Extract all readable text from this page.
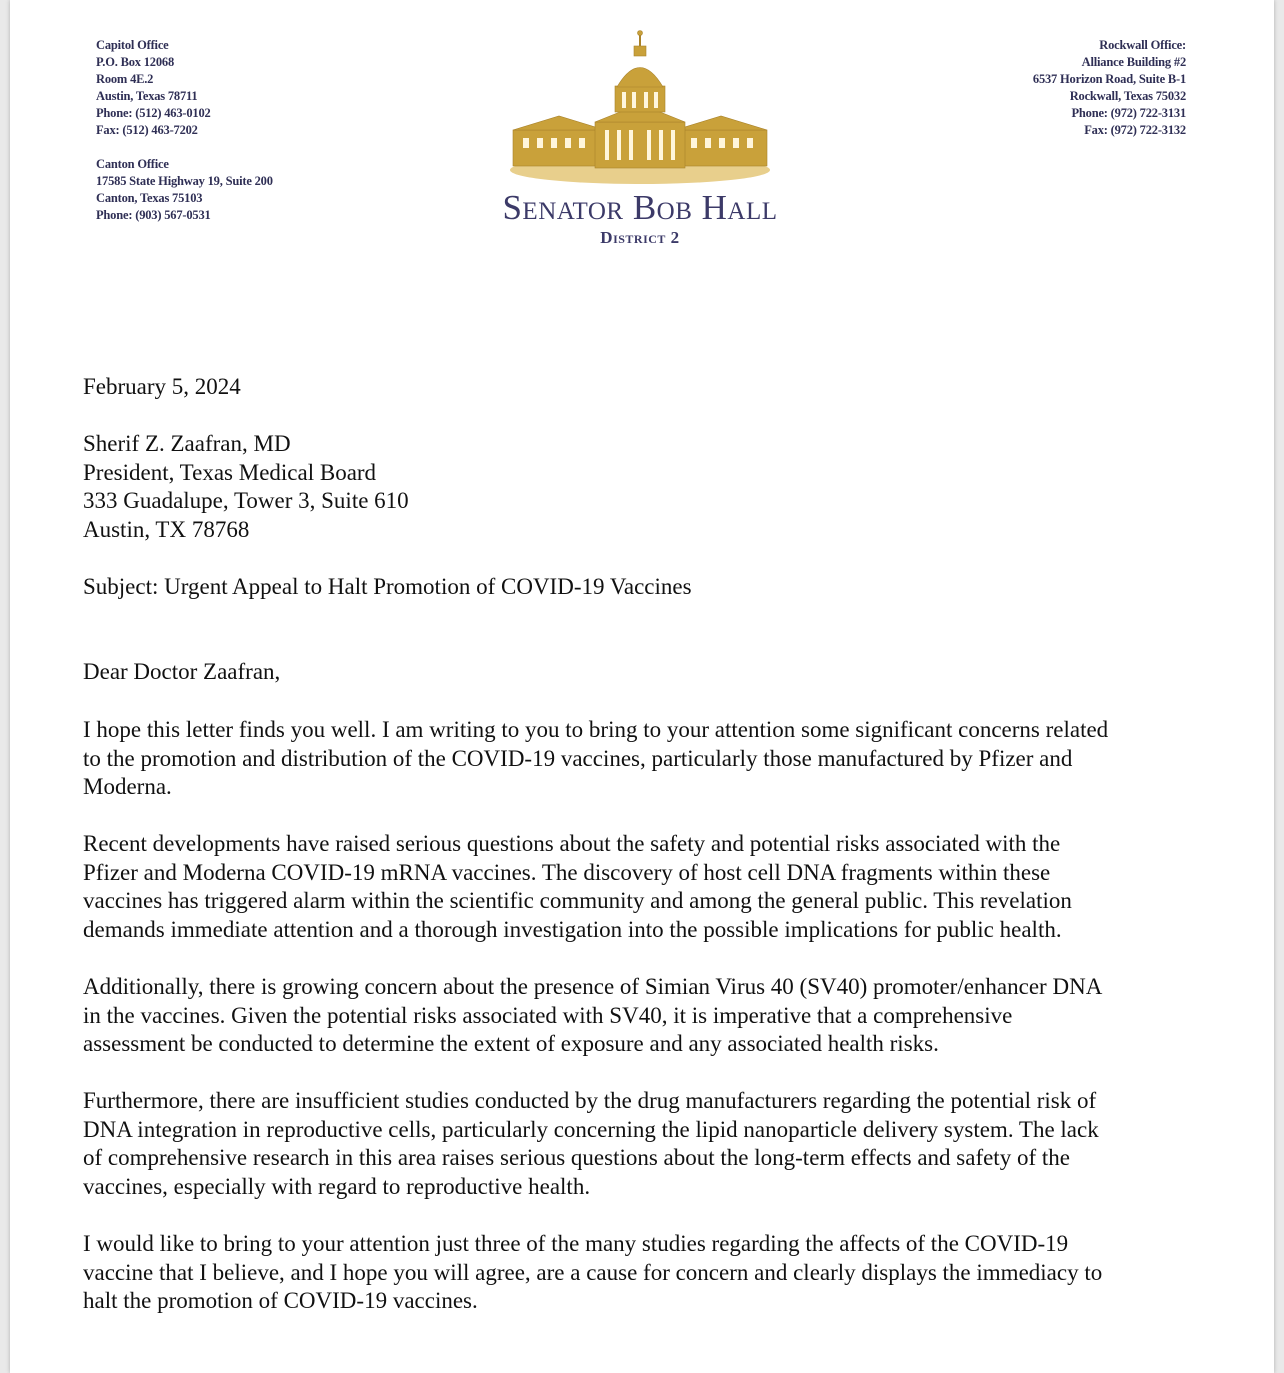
Capitol Office
P.O. Box 12068
Room 4E.2
Austin, Texas 78711
Phone: (512) 463-0102
Fax: (512) 463-7202
Canton Office
17585 State Highway 19, Suite 200
Canton, Texas 75103
Phone: (903) 567-0531
Rockwall Office:
Alliance Building #2
6537 Horizon Road, Suite B-1
Rockwall, Texas 75032
Phone: (972) 722-3131
Fax: (972) 722-3132
Senator Bob Hall
District 2
February 5, 2024
Sherif Z. Zaafran, MD
President, Texas Medical Board
333 Guadalupe, Tower 3, Suite 610
Austin, TX 78768
Subject: Urgent Appeal to Halt Promotion of COVID-19 Vaccines
Dear Doctor Zaafran,
I hope this letter finds you well. I am writing to you to bring to your attention some significant concerns related
to the promotion and distribution of the COVID-19 vaccines, particularly those manufactured by Pfizer and
Moderna.
Recent developments have raised serious questions about the safety and potential risks associated with the
Pfizer and Moderna COVID-19 mRNA vaccines. The discovery of host cell DNA fragments within these
vaccines has triggered alarm within the scientific community and among the general public. This revelation
demands immediate attention and a thorough investigation into the possible implications for public health.
Additionally, there is growing concern about the presence of Simian Virus 40 (SV40) promoter/enhancer DNA
in the vaccines. Given the potential risks associated with SV40, it is imperative that a comprehensive
assessment be conducted to determine the extent of exposure and any associated health risks.
Furthermore, there are insufficient studies conducted by the drug manufacturers regarding the potential risk of
DNA integration in reproductive cells, particularly concerning the lipid nanoparticle delivery system. The lack
of comprehensive research in this area raises serious questions about the long-term effects and safety of the
vaccines, especially with regard to reproductive health.
I would like to bring to your attention just three of the many studies regarding the affects of the COVID-19
vaccine that I believe, and I hope you will agree, are a cause for concern and clearly displays the immediacy to
halt the promotion of COVID-19 vaccines.
